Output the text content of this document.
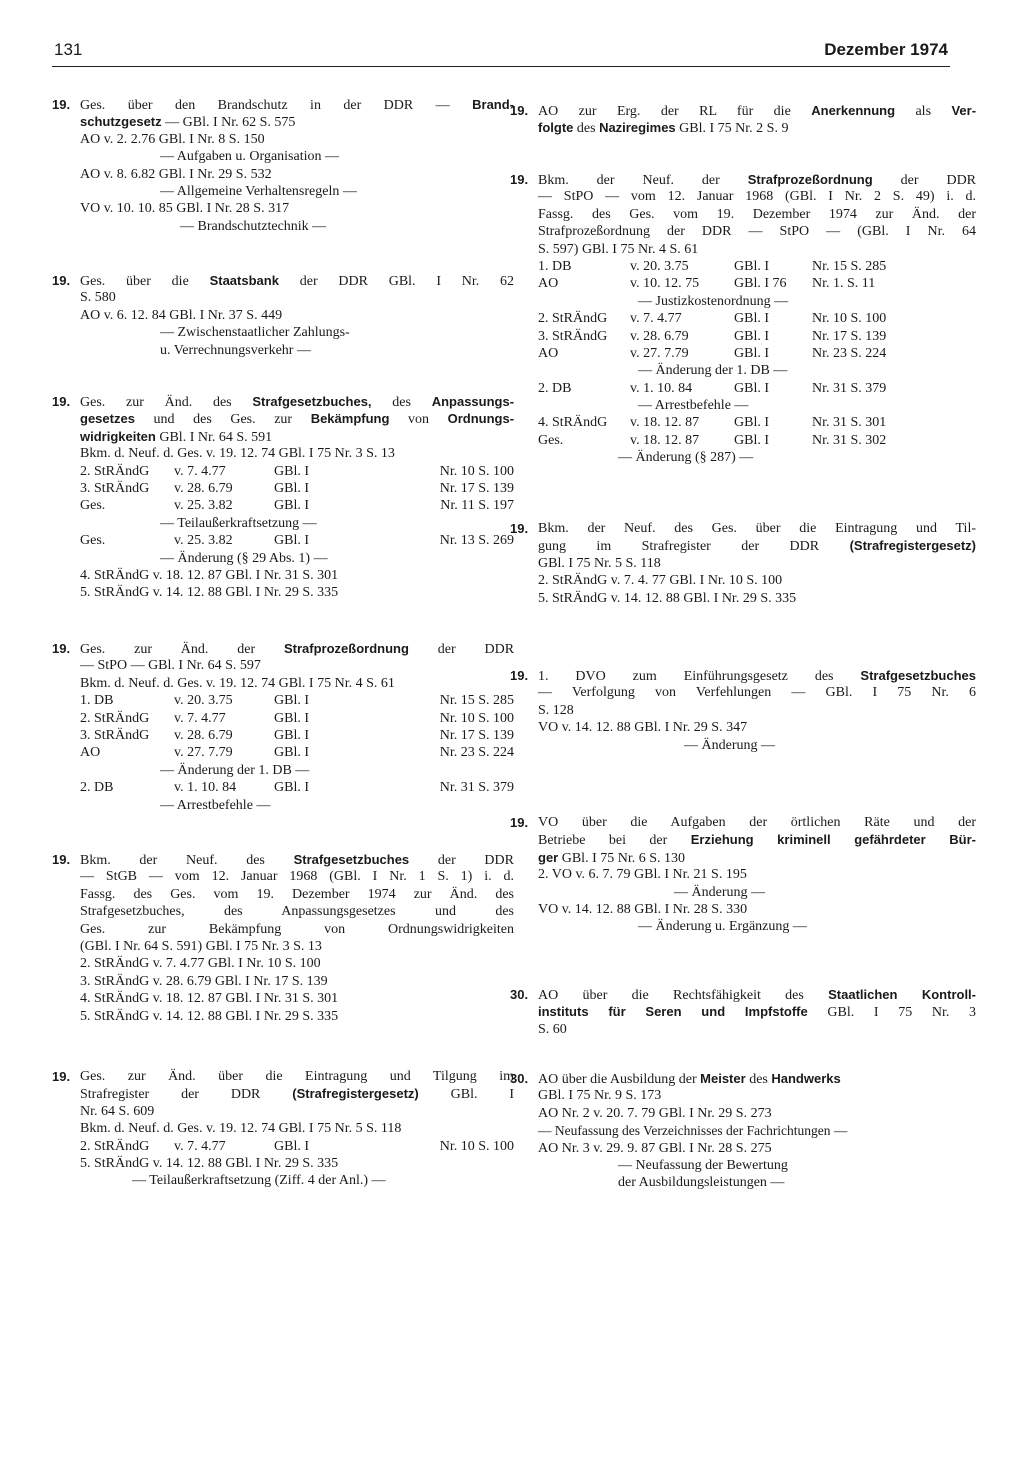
131	Dezember 1974
19. Ges. über den Brandschutz in der DDR — Brand-
schutzgesetz — GBl. I Nr. 62 S. 575
AO v. 2. 2.76 GBl. I Nr. 8 S. 150
— Aufgaben u. Organisation —
AO v. 8. 6.82 GBl. I Nr. 29 S. 532
— Allgemeine Verhaltensregeln —
VO v. 10. 10. 85 GBl. I Nr. 28 S. 317
— Brandschutztechnik —
19. Ges. über die Staatsbank der DDR GBl. I Nr. 62
S. 580
AO v. 6. 12. 84 GBl. I Nr. 37 S. 449
— Zwischenstaatlicher Zahlungs-
u. Verrechnungsverkehr —
19. Ges. zur Änd. des Strafgesetzbuches, des Anpassungs-
gesetzes und des Ges. zur Bekämpfung von Ordnungs-
widrigkeiten GBl. I Nr. 64 S. 591
Bkm. d. Neuf. d. Ges. v. 19. 12. 74 GBl. I 75 Nr. 3 S. 13
2. StRÄndG	v. 7. 4.77	GBl. I	Nr. 10 S. 100
3. StRÄndG	v. 28. 6.79	GBl. I	Nr. 17 S. 139
Ges.	v. 25. 3.82	GBl. I	Nr. 11 S. 197
— Teilaußerkraftsetzung —
Ges.	v. 25. 3.82	GBl. I	Nr. 13 S. 269
— Änderung (§ 29 Abs. 1) —
4. StRÄndG v. 18. 12. 87 GBl. I Nr. 31 S. 301
5. StRÄndG v. 14. 12. 88 GBl. I Nr. 29 S. 335
19. Ges. zur Änd. der Strafprozeßordnung der DDR
— StPO — GBl. I Nr. 64 S. 597
Bkm. d. Neuf. d. Ges. v. 19. 12. 74 GBl. I 75 Nr. 4 S. 61
1. DB	v. 20. 3.75	GBl. I	Nr. 15 S. 285
2. StRÄndG	v. 7. 4.77	GBl. I	Nr. 10 S. 100
3. StRÄndG	v. 28. 6.79	GBl. I	Nr. 17 S. 139
AO	v. 27. 7.79	GBl. I	Nr. 23 S. 224
— Änderung der 1. DB —
2. DB	v. 1. 10. 84	GBl. I	Nr. 31 S. 379
— Arrestbefehle —
19. Bkm. der Neuf. des Strafgesetzbuches der DDR
— StGB — vom 12. Januar 1968 (GBl. I Nr. 1 S. 1) i. d.
Fassg. des Ges. vom 19. Dezember 1974 zur Änd. des
Strafgesetzbuches, des Anpassungsgesetzes und des
Ges. zur Bekämpfung von Ordnungswidrigkeiten
(GBl. I Nr. 64 S. 591) GBl. I 75 Nr. 3 S. 13
2. StRÄndG v. 7. 4.77 GBl. I Nr. 10 S. 100
3. StRÄndG v. 28. 6.79 GBl. I Nr. 17 S. 139
4. StRÄndG v. 18. 12. 87 GBl. I Nr. 31 S. 301
5. StRÄndG v. 14. 12. 88 GBl. I Nr. 29 S. 335
19. Ges. zur Änd. über die Eintragung und Tilgung im
Strafregister der DDR (Strafregistergesetz) GBl. I
Nr. 64 S. 609
Bkm. d. Neuf. d. Ges. v. 19. 12. 74 GBl. I 75 Nr. 5 S. 118
2. StRÄndG	v. 7. 4.77	GBl. I	Nr. 10 S. 100
5. StRÄndG v. 14. 12. 88 GBl. I Nr. 29 S. 335
— Teilaußerkraftsetzung (Ziff. 4 der Anl.) —
19. AO zur Erg. der RL für die Anerkennung als Ver-
folgte des Naziregimes GBl. I 75 Nr. 2 S. 9
19. Bkm. der Neuf. der Strafprozeßordnung der DDR
— StPO — vom 12. Januar 1968 (GBl. I Nr. 2 S. 49) i. d.
Fassg. des Ges. vom 19. Dezember 1974 zur Änd. der
Strafprozeßordnung der DDR — StPO — (GBl. I Nr. 64
S. 597) GBl. I 75 Nr. 4 S. 61
1. DB	v. 20. 3.75	GBl. I	Nr. 15 S. 285
AO	v. 10. 12. 75	GBl. I 76	Nr. 1. S. 11
— Justizkostenordnung —
2. StRÄndG	v. 7. 4.77	GBl. I	Nr. 10 S. 100
3. StRÄndG	v. 28. 6.79	GBl. I	Nr. 17 S. 139
AO	v. 27. 7.79	GBl. I	Nr. 23 S. 224
— Änderung der 1. DB —
2. DB	v. 1. 10. 84	GBl. I	Nr. 31 S. 379
— Arrestbefehle —
4. StRÄndG	v. 18. 12. 87	GBl. I	Nr. 31 S. 301
Ges.	v. 18. 12. 87	GBl. I	Nr. 31 S. 302
— Änderung (§ 287) —
19. Bkm. der Neuf. des Ges. über die Eintragung und Til-
gung im Strafregister der DDR (Strafregistergesetz)
GBl. I 75 Nr. 5 S. 118
2. StRÄndG v. 7. 4. 77 GBl. I Nr. 10 S. 100
5. StRÄndG v. 14. 12. 88 GBl. I Nr. 29 S. 335
19. 1. DVO zum Einführungsgesetz des Strafgesetzbuches
— Verfolgung von Verfehlungen — GBl. I 75 Nr. 6
S. 128
VO v. 14. 12. 88 GBl. I Nr. 29 S. 347
— Änderung —
19. VO über die Aufgaben der örtlichen Räte und der
Betriebe bei der Erziehung kriminell gefährdeter Bür-
ger GBl. I 75 Nr. 6 S. 130
2. VO v. 6. 7. 79 GBl. I Nr. 21 S. 195
— Änderung —
VO v. 14. 12. 88 GBl. I Nr. 28 S. 330
— Änderung u. Ergänzung —
30. AO über die Rechtsfähigkeit des Staatlichen Kontroll-
instituts für Seren und Impfstoffe GBl. I 75 Nr. 3
S. 60
30. AO über die Ausbildung der Meister des Handwerks
GBl. I 75 Nr. 9 S. 173
AO Nr. 2 v. 20. 7. 79 GBl. I Nr. 29 S. 273
— Neufassung des Verzeichnisses der Fachrichtungen —
AO Nr. 3 v. 29. 9. 87 GBl. I Nr. 28 S. 275
— Neufassung der Bewertung
der Ausbildungsleistungen —
